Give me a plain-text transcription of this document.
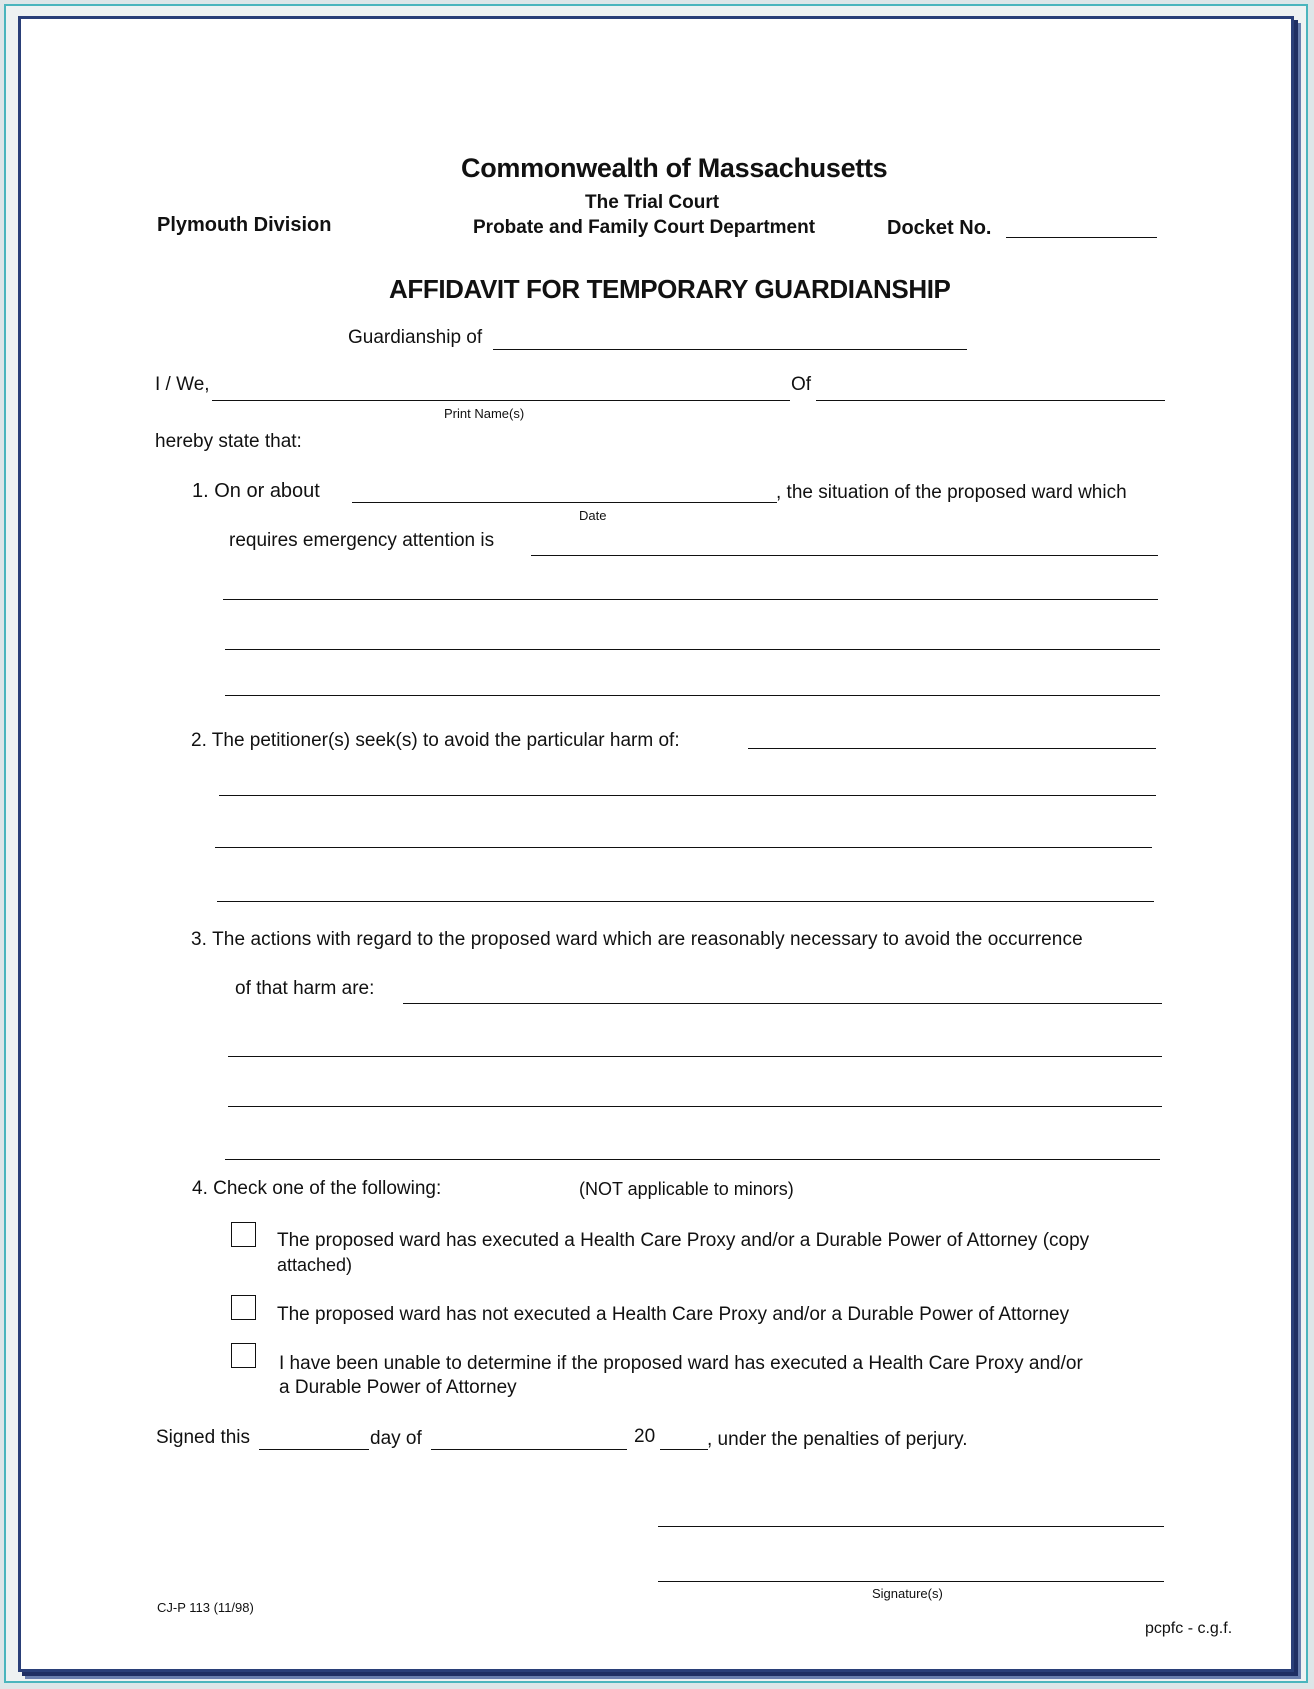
Commonwealth of Massachusetts
The Trial Court
Plymouth Division	Probate and Family Court Department	Docket No.
AFFIDAVIT FOR TEMPORARY GUARDIANSHIP
Guardianship of
I / We,	Of
Print Name(s)
hereby state that:
1. On or about	, the situation of the proposed ward which
Date
requires emergency attention is
2. The petitioner(s) seek(s) to avoid the particular harm of:
3. The actions with regard to the proposed ward which are reasonably necessary to avoid the occurrence
of that harm are:
4. Check one of the following:	(NOT applicable to minors)
The proposed ward has executed a Health Care Proxy and/or a Durable Power of Attorney (copy
attached)
The proposed ward has not executed a Health Care Proxy and/or a Durable Power of Attorney
I have been unable to determine if the proposed ward has executed a Health Care Proxy and/or
a Durable Power of Attorney
Signed this	day of	20	, under the penalties of perjury.
Signature(s)
CJ-P 113 (11/98)
pcpfc - c.g.f.
